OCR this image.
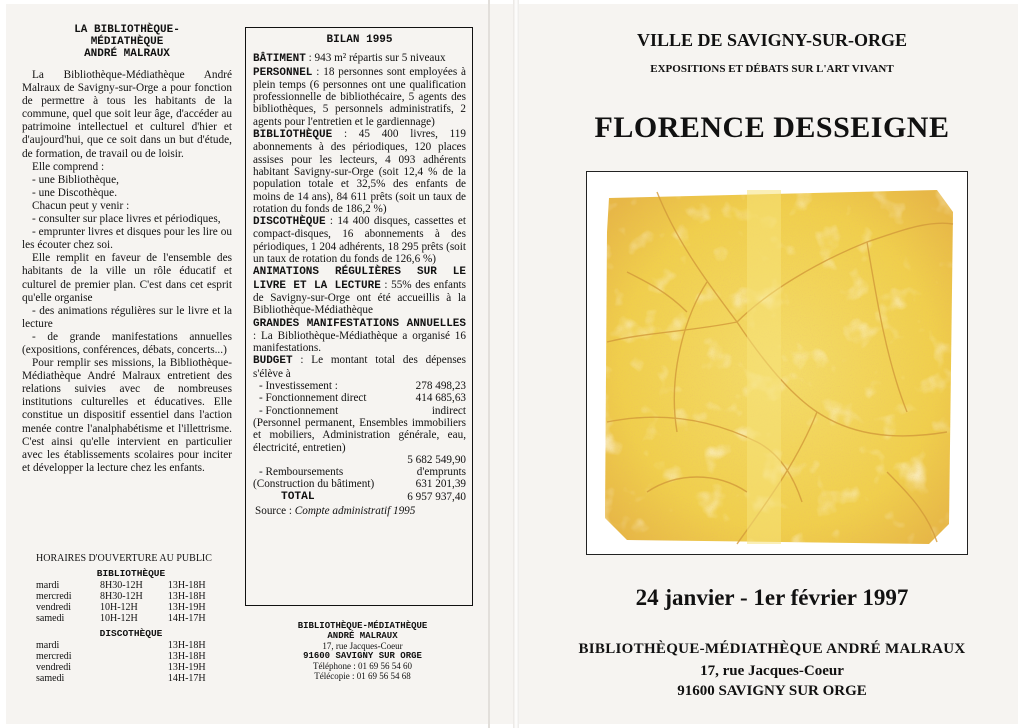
LA BIBLIOTHÈQUE-
MÉDIATHÈQUE
ANDRÉ MALRAUX

La Bibliothèque-Médiathèque André Malraux de Savigny-sur-Orge a pour fonction de permettre à tous les habitants de la commune, quel que soit leur âge, d'accéder au patrimoine intellectuel et culturel d'hier et d'aujourd'hui, que ce soit dans un but d'étude, de formation, de travail ou de loisir.

Elle comprend :

- une Bibliothèque,

- une Discothèque.

Chacun peut y venir :

- consulter sur place livres et périodiques,

- emprunter livres et disques pour les lire ou les écouter chez soi.

Elle remplit en faveur de l'ensemble des habitants de la ville un rôle éducatif et culturel de premier plan. C'est dans cet esprit qu'elle organise

- des animations régulières sur le livre et la lecture

- de grande manifestations annuelles (expositions, conférences, débats, concerts...)

Pour remplir ses missions, la Bibliothèque-Médiathèque André Malraux entretient des relations suivies avec de nombreuses institutions culturelles et éducatives. Elle constitue un dispositif essentiel dans l'action menée contre l'analphabétisme et l'illettrisme. C'est ainsi qu'elle intervient en particulier avec les établissements scolaires pour inciter et développer la lecture chez les enfants.

HORAIRES D'OUVERTURE AU PUBLIC
BIBLIOTHÈQUE
mardi	8H30-12H	13H-18H
mercredi	8H30-12H	13H-18H
vendredi	10H-12H	13H-19H
samedi	10H-12H	14H-17H
DISCOTHÈQUE
mardi	13H-18H
mercredi	13H-18H
vendredi	13H-19H
samedi	14H-17H
BILAN 1995

BÂTIMENT : 943 m² répartis sur 5 niveaux

PERSONNEL : 18 personnes sont employées à plein temps (6 personnes ont une qualification professionnelle de bibliothécaire, 5 agents des bibliothèques, 5 personnels administratifs, 2 agents pour l'entretien et le gardiennage)

BIBLIOTHÈQUE : 45 400 livres, 119 abonnements à des périodiques, 120 places assises pour les lecteurs, 4 093 adhérents habitant Savigny-sur-Orge (soit 12,4 % de la population totale et 32,5% des enfants de moins de 14 ans), 84 611 prêts (soit un taux de rotation du fonds de 186,2 %)

DISCOTHÈQUE : 14 400 disques, cassettes et compact-disques, 16 abonnements à des périodiques, 1 204 adhérents, 18 295 prêts (soit un taux de rotation du fonds de 126,6 %)

ANIMATIONS RÉGULIÈRES SUR LE LIVRE ET LA LECTURE : 55% des enfants de Savigny-sur-Orge ont été accueillis à la Bibliothèque-Médiathèque

GRANDES MANIFESTATIONS ANNUELLES : La Bibliothèque-Médiathèque a organisé 16 manifestations.

BUDGET : Le montant total des dépenses s'élève à

- Investissement :	278 498,23
- Fonctionnement direct	414 685,63
- Fonctionnement	indirect

(Personnel permanent, Ensembles immobiliers et mobiliers, Administration générale, eau, électricité, entretien)

5 682 549,90
- Remboursements	d'emprunts
(Construction du bâtiment)	631 201,39
TOTAL	6 957 937,40

Source : Compte administratif 1995

BIBLIOTHÈQUE-MÉDIATHÈQUE
ANDRÉ MALRAUX
17, rue Jacques-Coeur
91600 SAVIGNY SUR ORGE
Téléphone : 01 69 56 54 60
Télécopie : 01 69 56 54 68
VILLE DE SAVIGNY-SUR-ORGE
EXPOSITIONS ET DÉBATS SUR L'ART VIVANT
FLORENCE DESSEIGNE
24 janvier - 1er février 1997
BIBLIOTHÈQUE-MÉDIATHÈQUE ANDRÉ MALRAUX
17, rue Jacques-Coeur
91600 SAVIGNY SUR ORGE
